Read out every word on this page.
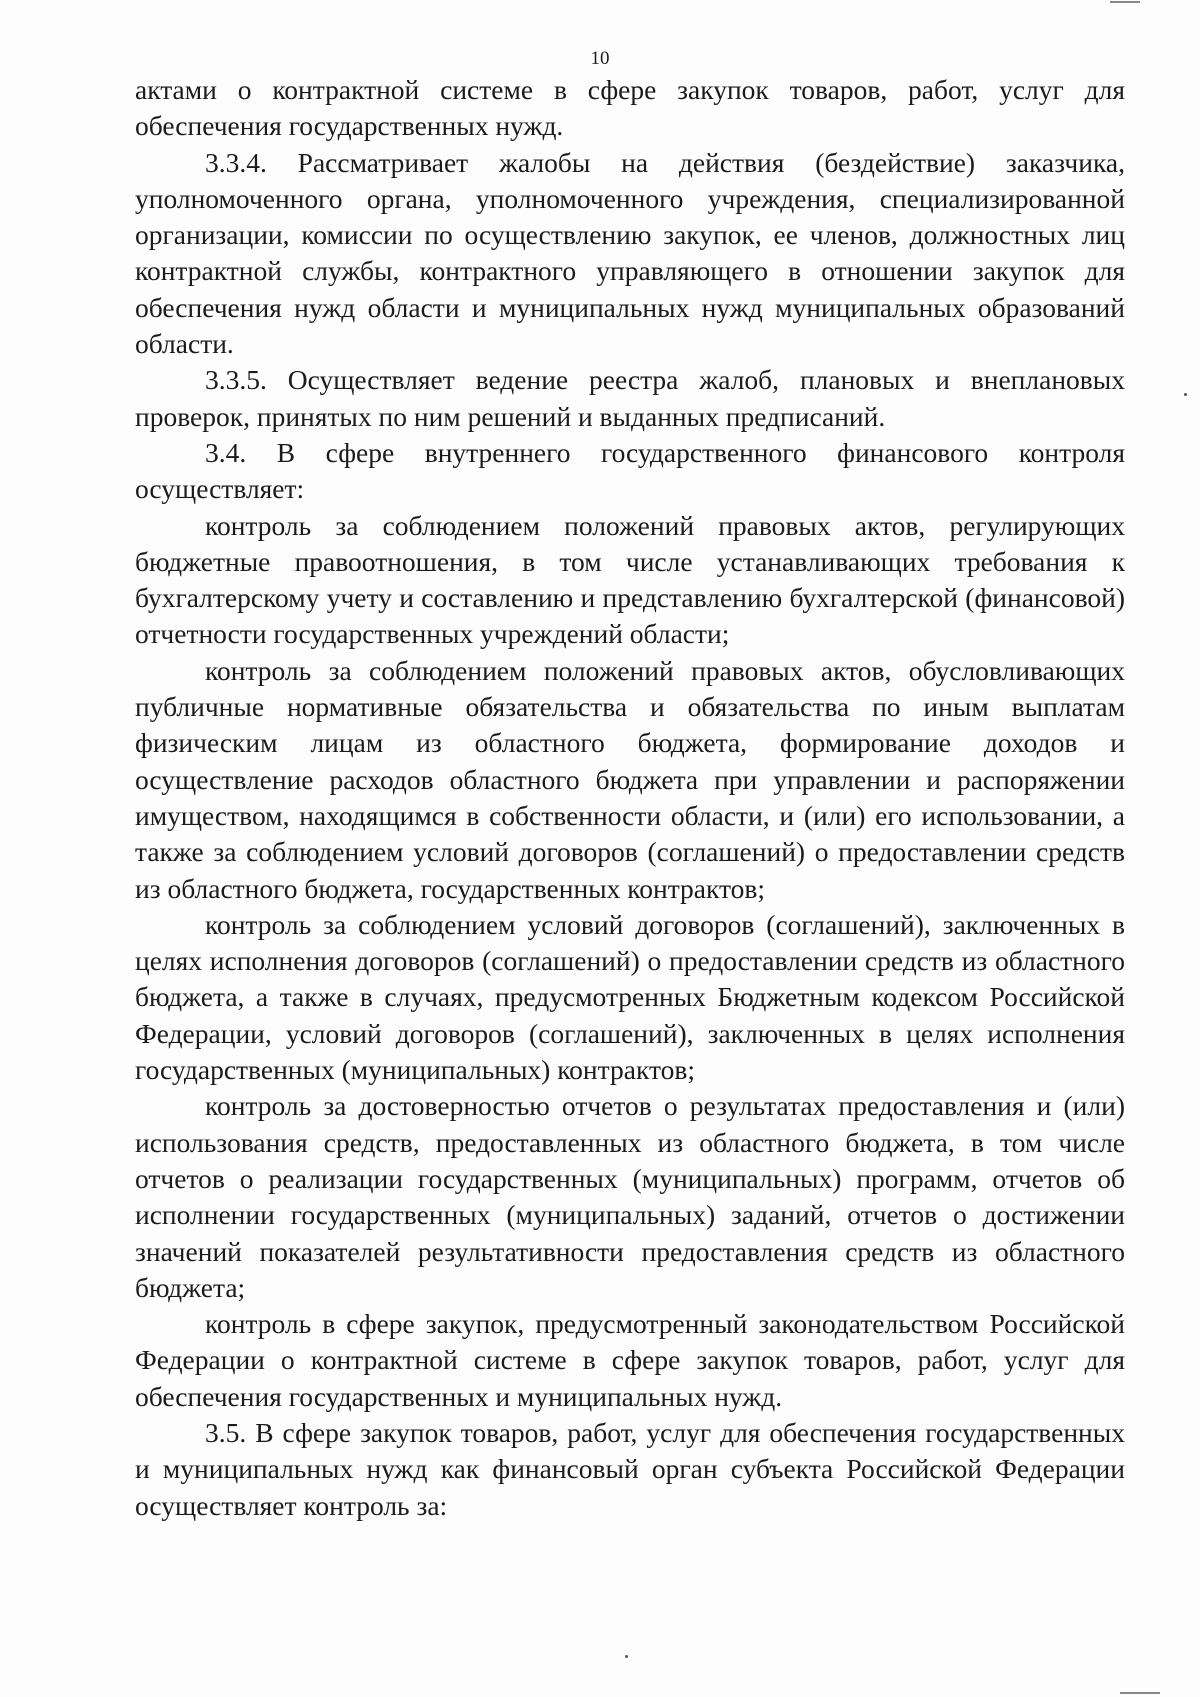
10

актами о контрактной системе в сфере закупок товаров, работ, услуг для обеспечения государственных нужд.

3.3.4. Рассматривает жалобы на действия (бездействие) заказчика, уполномоченного органа, уполномоченного учреждения, специализированной организации, комиссии по осуществлению закупок, ее членов, должностных лиц контрактной службы, контрактного управляющего в отношении закупок для обеспечения нужд области и муниципальных нужд муниципальных образований области.

3.3.5. Осуществляет ведение реестра жалоб, плановых и внеплановых проверок, принятых по ним решений и выданных предписаний.

3.4. В сфере внутреннего государственного финансового контроля осуществляет:

контроль за соблюдением положений правовых актов, регулирующих бюджетные правоотношения, в том числе устанавливающих требования к бухгалтерскому учету и составлению и представлению бухгалтерской (финансовой) отчетности государственных учреждений области;

контроль за соблюдением положений правовых актов, обусловливающих публичные нормативные обязательства и обязательства по иным выплатам физическим лицам из областного бюджета, формирование доходов и осуществление расходов областного бюджета при управлении и распоряжении имуществом, находящимся в собственности области, и (или) его использовании, а также за соблюдением условий договоров (соглашений) о предоставлении средств из областного бюджета, государственных контрактов;

контроль за соблюдением условий договоров (соглашений), заключенных в целях исполнения договоров (соглашений) о предоставлении средств из областного бюджета, а также в случаях, предусмотренных Бюджетным кодексом Российской Федерации, условий договоров (соглашений), заключенных в целях исполнения государственных (муниципальных) контрактов;

контроль за достоверностью отчетов о результатах предоставления и (или) использования средств, предоставленных из областного бюджета, в том числе отчетов о реализации государственных (муниципальных) программ, отчетов об исполнении государственных (муниципальных) заданий, отчетов о достижении значений показателей результативности предоставления средств из областного бюджета;

контроль в сфере закупок, предусмотренный законодательством Российской Федерации о контрактной системе в сфере закупок товаров, работ, услуг для обеспечения государственных и муниципальных нужд.

3.5. В сфере закупок товаров, работ, услуг для обеспечения государственных и муниципальных нужд как финансовый орган субъекта Российской Федерации осуществляет контроль за:
